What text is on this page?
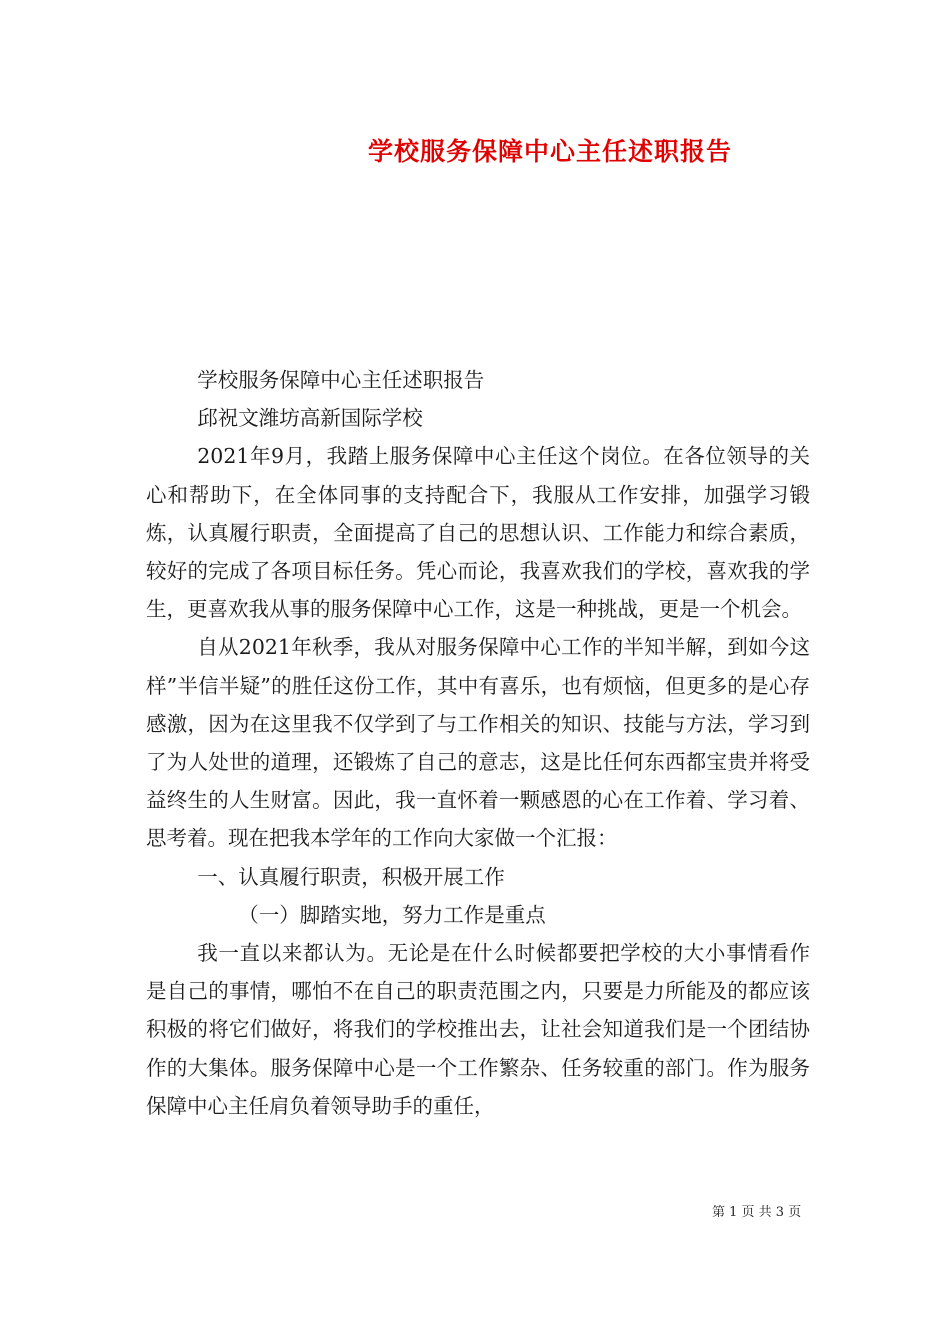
学校服务保障中心主任述职报告

学校服务保障中心主任述职报告

邱祝文潍坊高新国际学校

2021年9月，我踏上服务保障中心主任这个岗位。在各位领导的关心和帮助下，在全体同事的支持配合下，我服从工作安排，加强学习锻炼，认真履行职责，全面提高了自己的思想认识、工作能力和综合素质，较好的完成了各项目标任务。凭心而论，我喜欢我们的学校，喜欢我的学生，更喜欢我从事的服务保障中心工作，这是一种挑战，更是一个机会。

自从2021年秋季，我从对服务保障中心工作的半知半解，到如今这样”半信半疑”的胜任这份工作，其中有喜乐，也有烦恼，但更多的是心存感激，因为在这里我不仅学到了与工作相关的知识、技能与方法，学习到了为人处世的道理，还锻炼了自己的意志，这是比任何东西都宝贵并将受益终生的人生财富。因此，我一直怀着一颗感恩的心在工作着、学习着、思考着。现在把我本学年的工作向大家做一个汇报：

一、认真履行职责，积极开展工作

（一）脚踏实地，努力工作是重点

我一直以来都认为。无论是在什么时候都要把学校的大小事情看作是自己的事情，哪怕不在自己的职责范围之内，只要是力所能及的都应该积极的将它们做好，将我们的学校推出去，让社会知道我们是一个团结协作的大集体。服务保障中心是一个工作繁杂、任务较重的部门。作为服务保障中心主任肩负着领导助手的重任，

第 1 页 共 3 页
